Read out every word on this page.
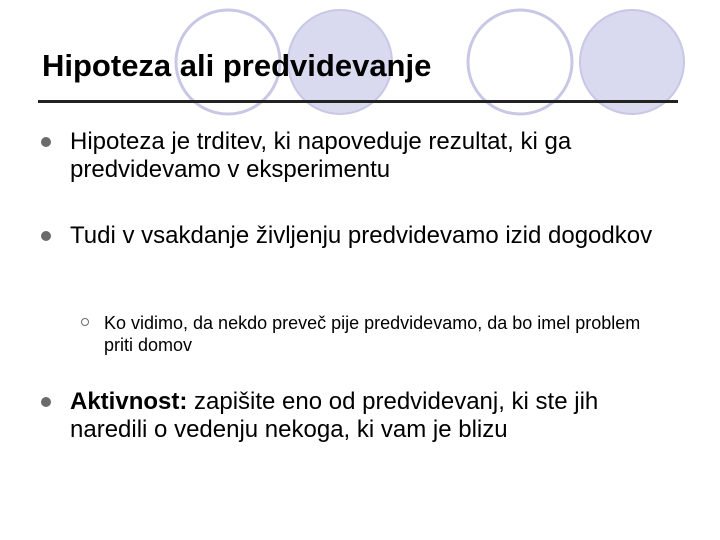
Hipoteza ali predvidevanje
Hipoteza je trditev, ki napoveduje rezultat, ki ga predvidevamo v eksperimentu
Tudi v vsakdanje življenju predvidevamo izid dogodkov
Ko vidimo, da nekdo preveč pije predvidevamo, da bo imel problem priti domov
Aktivnost: zapišite eno od predvidevanj, ki ste jih naredili o vedenju nekoga, ki vam je blizu
